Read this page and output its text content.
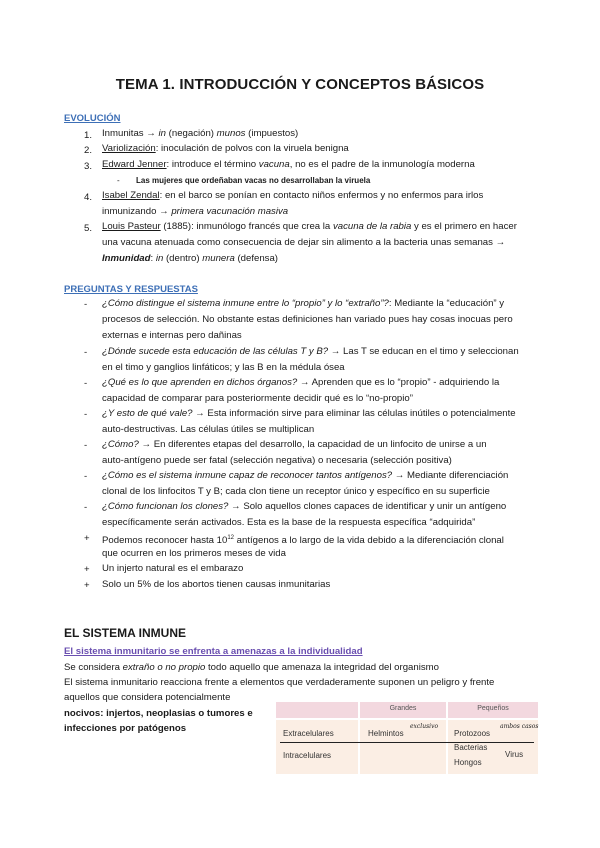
TEMA 1. INTRODUCCIÓN Y CONCEPTOS BÁSICOS
EVOLUCIÓN
1. Inmunitas → in (negación) munos (impuestos)
2. Variolización: inoculación de polvos con la viruela benigna
3. Edward Jenner: introduce el término vacuna, no es el padre de la inmunología moderna
- Las mujeres que ordeñaban vacas no desarrollaban la viruela
4. Isabel Zendal: en el barco se ponían en contacto niños enfermos y no enfermos para irlos
inmunizando → primera vacunación masiva
5. Louis Pasteur (1885): inmunólogo francés que crea la vacuna de la rabia y es el primero en hacer
una vacuna atenuada como consecuencia de dejar sin alimento a la bacteria unas semanas →
Inmunidad: in (dentro) munera (defensa)
PREGUNTAS Y RESPUESTAS
- ¿Cómo distingue el sistema inmune entre lo “propio” y lo “extraño”?: Mediante la “educación” y
procesos de selección. No obstante estas definiciones han variado pues hay cosas inocuas pero
externas e internas pero dañinas
- ¿Dónde sucede esta educación de las células T y B? → Las T se educan en el timo y seleccionan
en el timo y ganglios linfáticos; y las B en la médula ósea
- ¿Qué es lo que aprenden en dichos órganos? → Aprenden que es lo “propio” - adquiriendo la
capacidad de comparar para posteriormente decidir qué es lo “no-propio”
- ¿Y esto de qué vale? → Esta información sirve para eliminar las células inútiles o potencialmente
auto-destructivas. Las células útiles se multiplican
- ¿Cómo? → En diferentes etapas del desarrollo, la capacidad de un linfocito de unirse a un
auto-antígeno puede ser fatal (selección negativa) o necesaria (selección positiva)
- ¿Cómo es el sistema inmune capaz de reconocer tantos antígenos? → Mediante diferenciación
clonal de los linfocitos T y B; cada clon tiene un receptor único y específico en su superficie
- ¿Cómo funcionan los clones? → Solo aquellos clones capaces de identificar y unir un antígeno
específicamente serán activados. Esta es la base de la respuesta específica “adquirida”
+ Podemos reconocer hasta $10^{12}$ antígenos a lo largo de la vida debido a la diferenciación clonal
que ocurren en los primeros meses de vida
+ Un injerto natural es el embarazo
+ Solo un 5% de los abortos tienen causas inmunitarias
EL SISTEMA INMUNE
El sistema inmunitario se enfrenta a amenazas a la individualidad
Se considera extraño o no propio todo aquello que amenaza la integridad del organismo
El sistema inmunitario reacciona frente a elementos que verdaderamente suponen un peligro y frente
aquellos que considera potencialmente
nocivos: injertos, neoplasias o tumores e
infecciones por patógenos
Grandes	Pequeños
Extracelulares
Intracelulares
Helmintos
exclusivo
Protozoos
ambos casos
Bacterias
Hongos
Virus
